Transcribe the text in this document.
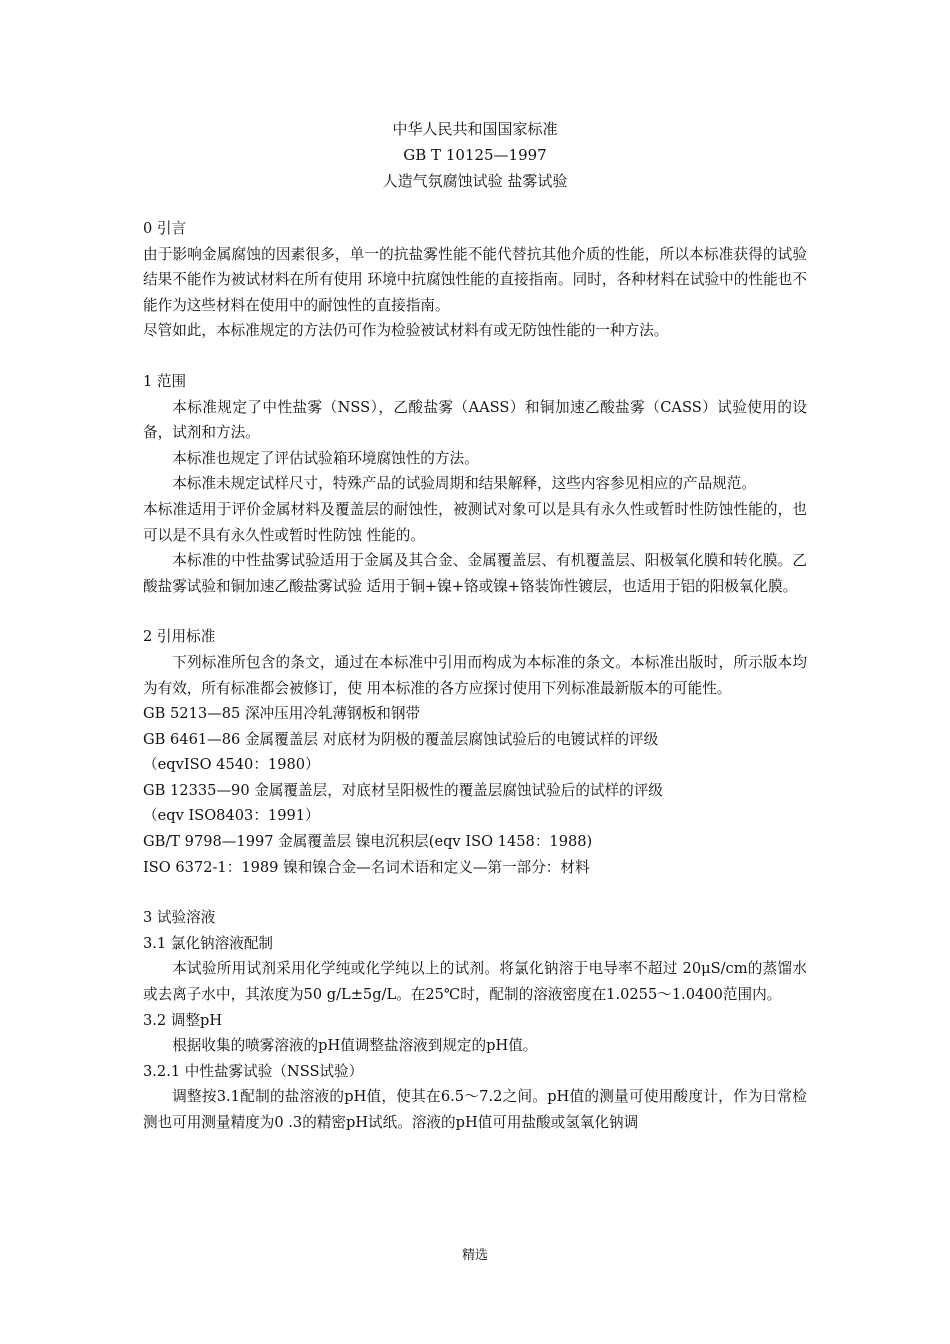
中华人民共和国国家标准
GB T 10125—1997
人造气氛腐蚀试验 盐雾试验

0 引言

由于影响金属腐蚀的因素很多，单一的抗盐雾性能不能代替抗其他介质的性能，所以本标准获得的试验结果不能作为被试材料在所有使用 环境中抗腐蚀性能的直接指南。同时，各种材料在试验中的性能也不能作为这些材料在使用中的耐蚀性的直接指南。

尽管如此，本标准规定的方法仍可作为检验被试材料有或无防蚀性能的一种方法。

1 范围

本标准规定了中性盐雾（NSS），乙酸盐雾（AASS）和铜加速乙酸盐雾（CASS）试验使用的设备，试剂和方法。

本标准也规定了评估试验箱环境腐蚀性的方法。

本标准未规定试样尺寸，特殊产品的试验周期和结果解释，这些内容参见相应的产品规范。

本标准适用于评价金属材料及覆盖层的耐蚀性，被测试对象可以是具有永久性或暂时性防蚀性能的，也可以是不具有永久性或暂时性防蚀 性能的。

本标准的中性盐雾试验适用于金属及其合金、金属覆盖层、有机覆盖层、阳极氧化膜和转化膜。乙酸盐雾试验和铜加速乙酸盐雾试验 适用于铜+镍+铬或镍+铬装饰性镀层，也适用于铝的阳极氧化膜。

2 引用标准

下列标准所包含的条文，通过在本标准中引用而构成为本标准的条文。本标准出版时，所示版本均为有效，所有标准都会被修订，使 用本标准的各方应探讨使用下列标准最新版本的可能性。

GB 5213—85 深冲压用冷轧薄钢板和钢带

GB 6461—86 金属覆盖层 对底材为阴极的覆盖层腐蚀试验后的电镀试样的评级

（eqvISO 4540：1980）

GB 12335—90 金属覆盖层，对底材呈阳极性的覆盖层腐蚀试验后的试样的评级

（eqv ISO8403：1991）

GB/T 9798—1997 金属覆盖层 镍电沉积层(eqv ISO 1458：1988)

ISO 6372-1：1989 镍和镍合金—名词术语和定义—第一部分：材料

3 试验溶液

3.1 氯化钠溶液配制

本试验所用试剂采用化学纯或化学纯以上的试剂。将氯化钠溶于电导率不超过 20μS/cm的蒸馏水或去离子水中，其浓度为50 g/L±5g/L。在25℃时，配制的溶液密度在1.0255～1.0400范围内。

3.2 调整pH

根据收集的喷雾溶液的pH值调整盐溶液到规定的pH值。

3.2.1 中性盐雾试验（NSS试验）

调整按3.1配制的盐溶液的pH值，使其在6.5～7.2之间。pH值的测量可使用酸度计，作为日常检测也可用测量精度为0 .3的精密pH试纸。溶液的pH值可用盐酸或氢氧化钠调

精选
